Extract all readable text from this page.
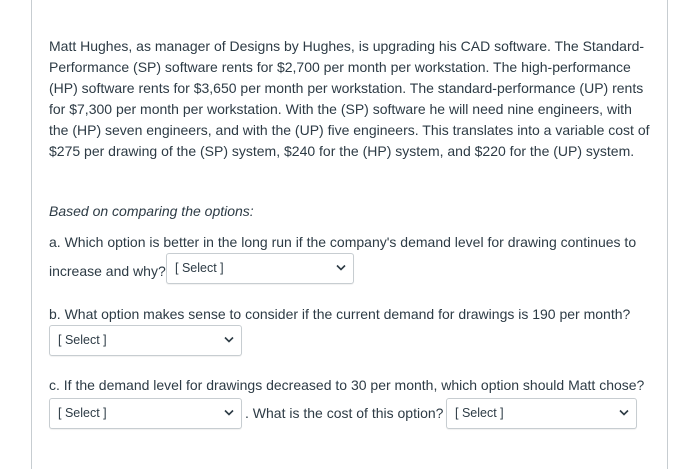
Matt Hughes, as manager of Designs by Hughes, is upgrading his CAD software. The Standard-Performance (SP) software rents for $2,700 per month per workstation. The high-performance (HP) software rents for $3,650 per month per workstation. The standard-performance (UP) rents for $7,300 per month per workstation. With the (SP) software he will need nine engineers, with the (HP) seven engineers, and with the (UP) five engineers. This translates into a variable cost of $275 per drawing of the (SP) system, $240 for the (HP) system, and $220 for the (UP) system.
Based on comparing the options:
a. Which option is better in the long run if the company's demand level for drawing continues to
increase and why? [ Select ]
b. What option makes sense to consider if the current demand for drawings is 190 per month?
[ Select ]
c. If the demand level for drawings decreased to 30 per month, which option should Matt chose?
[ Select ]	. What is the cost of this option? [ Select ]
